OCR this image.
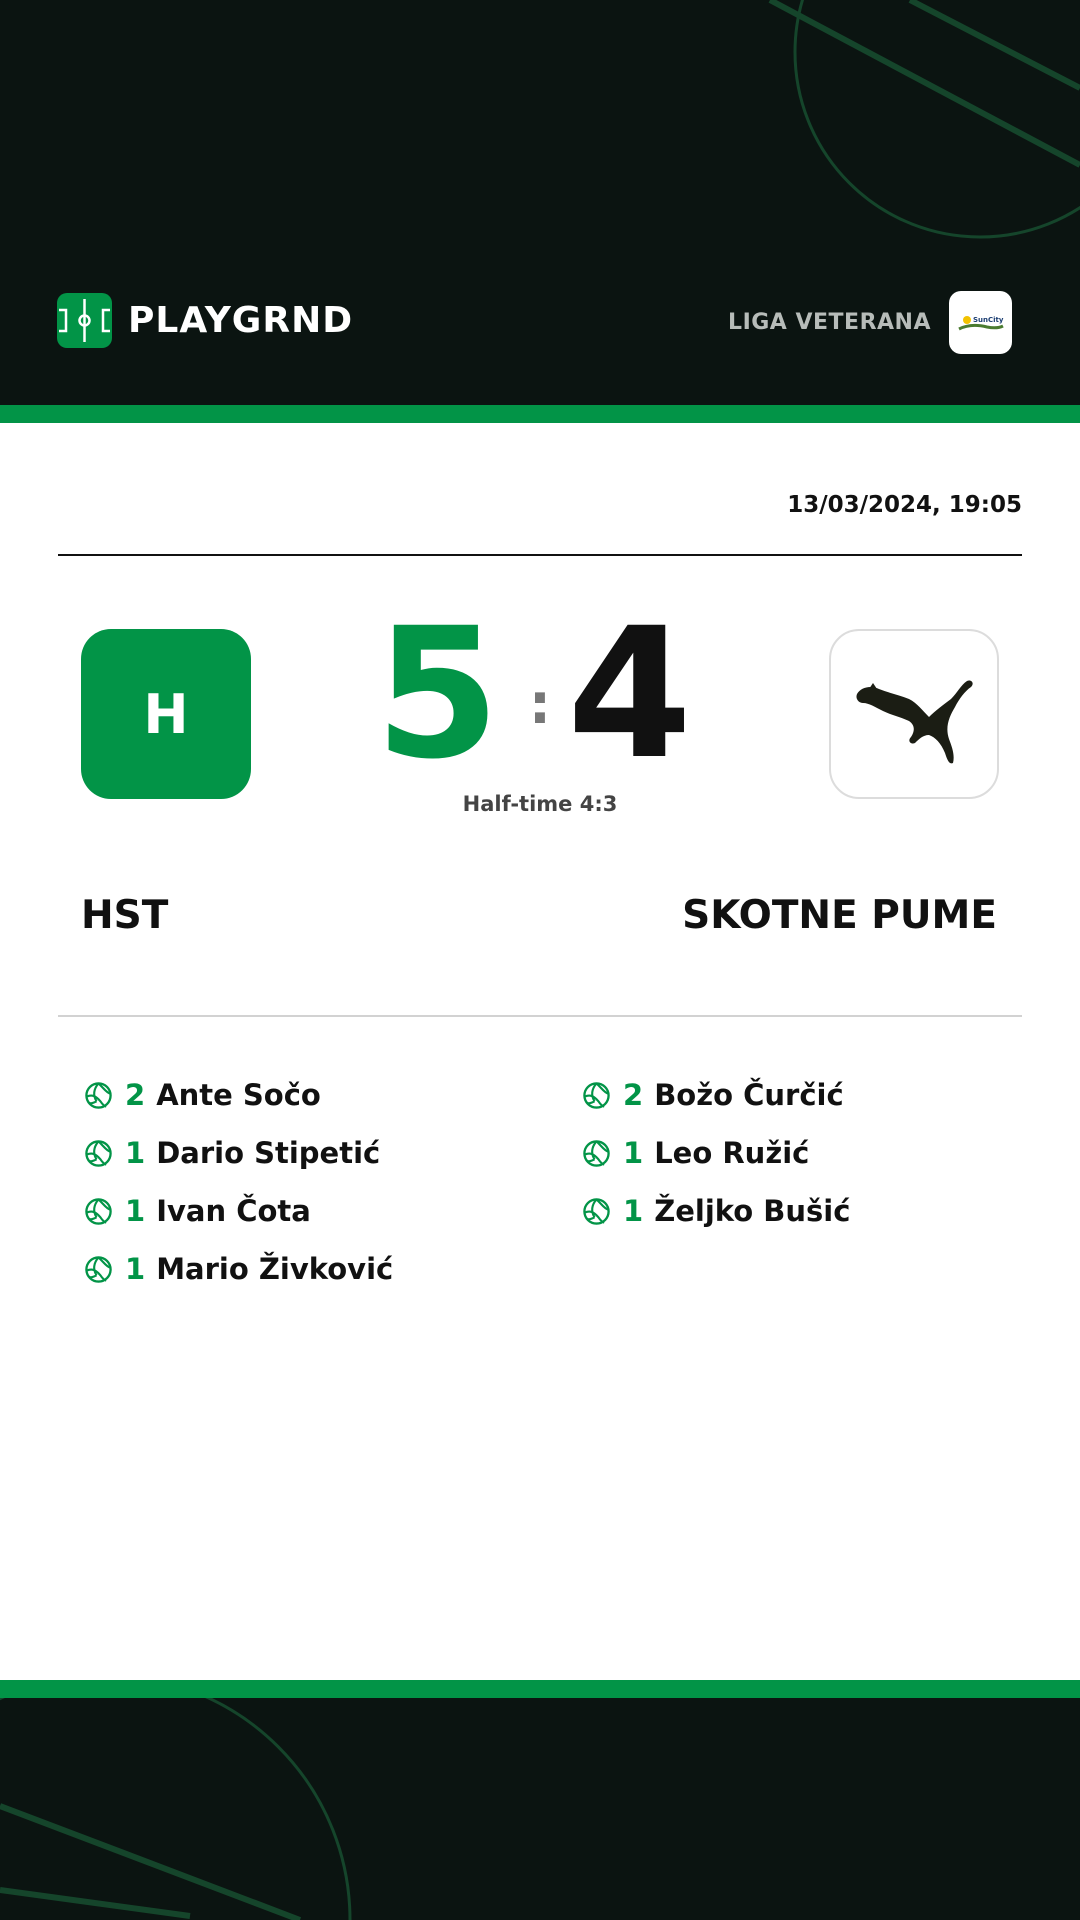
PLAYGRND	LIGA VETERANA	SunCity
13/03/2024, 19:05
H 5 : 4
Half-time 4:3
HST	SKOTNE PUME
2 Ante Sočo
1 Dario Stipetić
1 Ivan Čota
1 Mario Živković
2 Božo Čurčić
1 Leo Ružić
1 Željko Bušić
